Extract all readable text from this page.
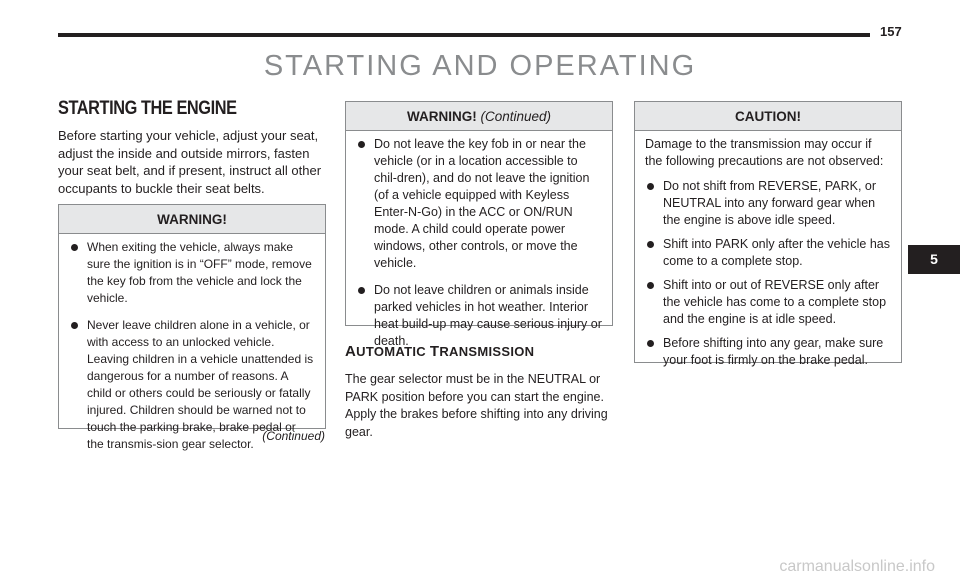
157
STARTING AND OPERATING
STARTING THE ENGINE

Before starting your vehicle, adjust your seat, adjust the inside and outside mirrors, fasten your seat belt, and if present, instruct all other occupants to buckle their seat belts.

WARNING!
When exiting the vehicle, always make sure the ignition is in “OFF” mode, remove the key fob from the vehicle and lock the vehicle.
Never leave children alone in a vehicle, or with access to an unlocked vehicle. Leaving children in a vehicle unattended is dangerous for a number of reasons. A child or others could be seriously or fatally injured. Children should be warned not to touch the parking brake, brake pedal or the transmis-sion gear selector.
(Continued)
WARNING! (Continued)
Do not leave the key fob in or near the vehicle (or in a location accessible to chil-dren), and do not leave the ignition (of a vehicle equipped with Keyless Enter-N-Go) in the ACC or ON/RUN mode. A child could operate power windows, other controls, or move the vehicle.
Do not leave children or animals inside parked vehicles in hot weather. Interior heat build-up may cause serious injury or death.
AUTOMATIC TRANSMISSION

The gear selector must be in the NEUTRAL or PARK position before you can start the engine. Apply the brakes before shifting into any driving gear.

CAUTION!

Damage to the transmission may occur if the following precautions are not observed:

Do not shift from REVERSE, PARK, or NEUTRAL into any forward gear when the engine is above idle speed.
Shift into PARK only after the vehicle has come to a complete stop.
Shift into or out of REVERSE only after the vehicle has come to a complete stop and the engine is at idle speed.
Before shifting into any gear, make sure your foot is firmly on the brake pedal.
5
carmanualsonline.info
